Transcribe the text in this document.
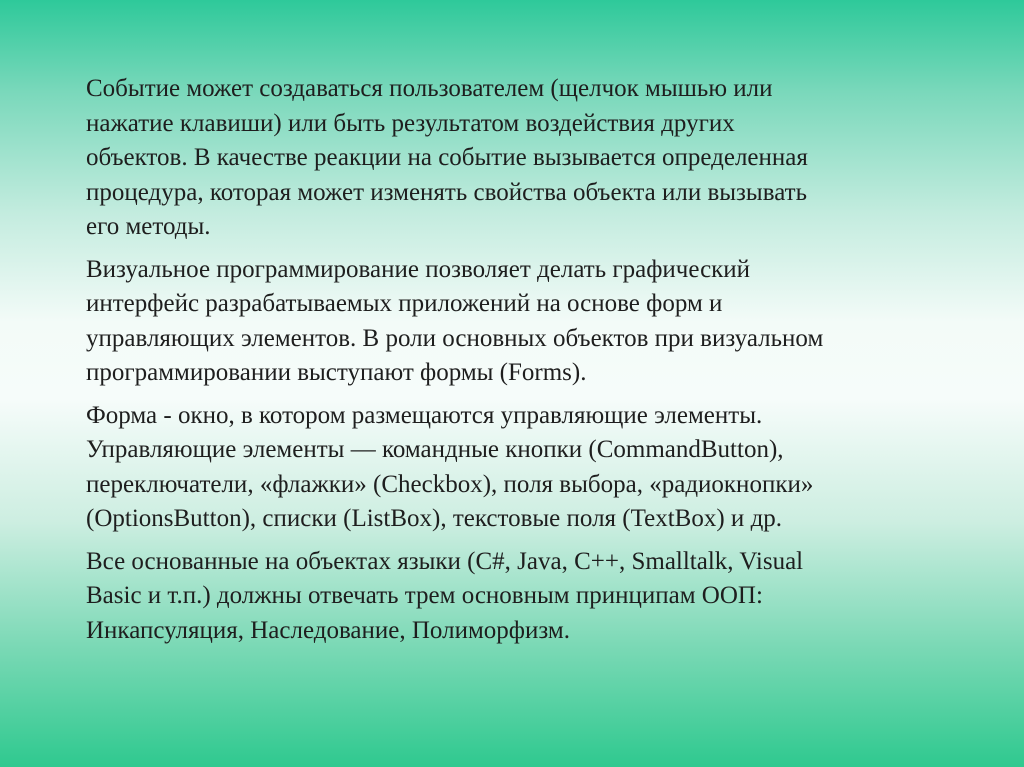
Событие может создаваться пользователем (щелчок мышью или
нажатие клавиши) или быть результатом воздействия других
объектов. В качестве реакции на событие вызывается определенная
процедура, которая может изменять свойства объекта или вызывать
его методы.

Визуальное программирование позволяет делать графический
интерфейс разрабатываемых приложений на основе форм и
управляющих элементов. В роли основных объектов при визуальном
программировании выступают формы (Forms).

Форма - окно, в котором размещаются управляющие элементы.
Управляющие элементы — командные кнопки (CommandButton),
переключатели, «флажки» (Checkbox), поля выбора, «радиокнопки»
(OptionsButton), списки (ListBox), текстовые поля (TextBox) и др.

Все основанные на объектах языки (C#, Java, C++, Smalltalk, Visual
Basic и т.п.) должны отвечать трем основным принципам ООП:
Инкапсуляция, Наследование, Полиморфизм.
